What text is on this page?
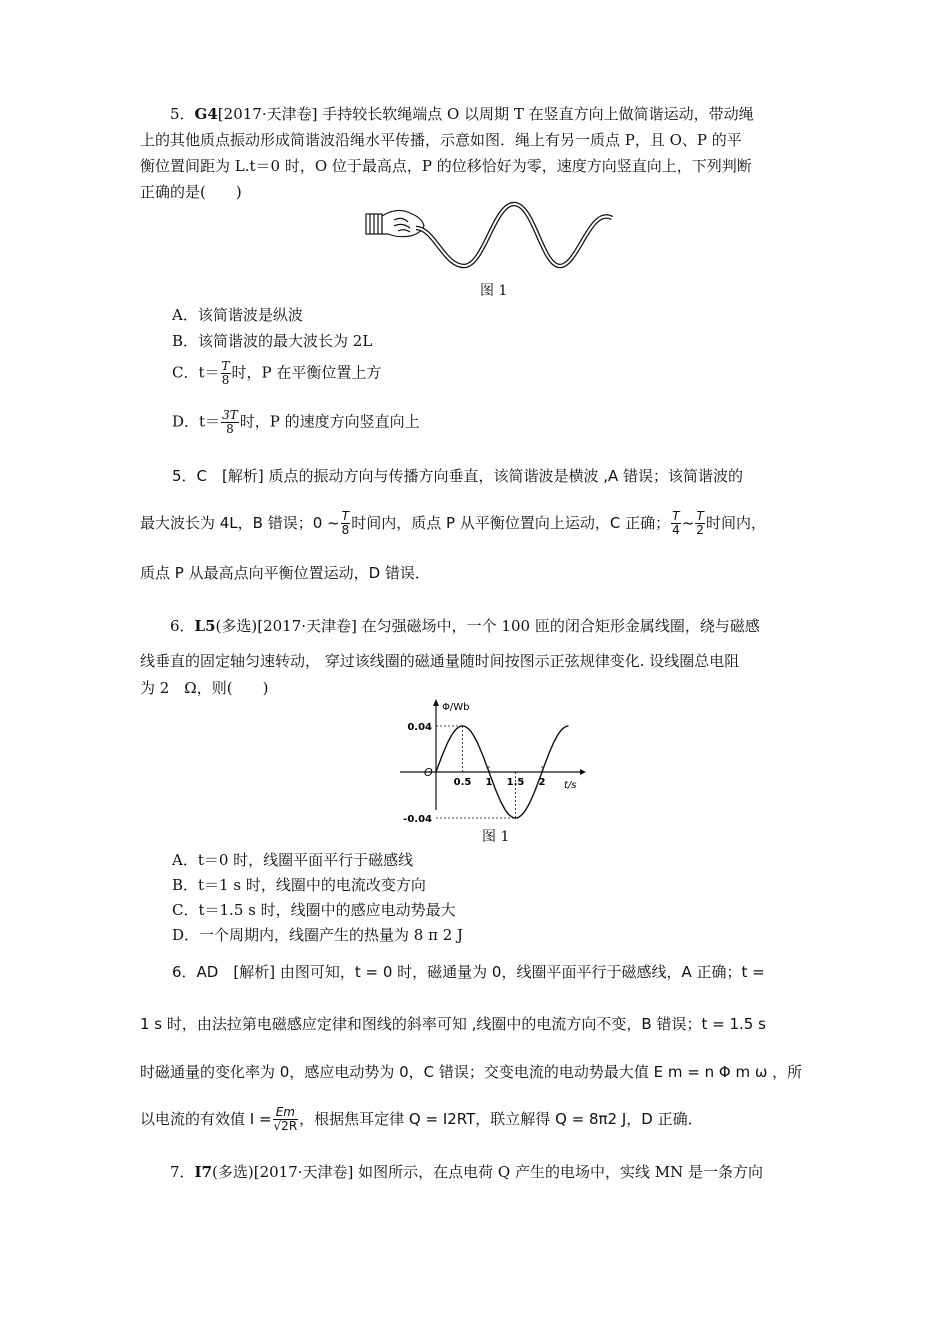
5．G4[2017·天津卷] 手持较长软绳端点 O 以周期 T 在竖直方向上做简谐运动，带动绳
上的其他质点振动形成简谐波沿绳水平传播，示意如图．绳上有另一质点 P，且 O、P 的平
衡位置间距为 L.t＝0 时，O 位于最高点，P 的位移恰好为零，速度方向竖直向上，下列判断
正确的是(　　)
图 1
A．该简谐波是纵波
B．该简谐波的最大波长为 2L
C．$t= \frac{T}{8}$ 时，P 在平衡位置上方
D．$t= \frac{3T}{8}$ 时，P 的速度方向竖直向上
5．C　[解析] 质点的振动方向与传播方向垂直，该简谐波是横波 ,A 错误；该简谐波的
最大波长为 4L，B 错误；0 ~ $\frac{T}{8}$ 时间内，质点 P 从平衡位置向上运动，C 正确； $\frac{T}{4}$ ~ $\frac{T}{2}$ 时间内，
质点 P 从最高点向平衡位置运动，D 错误．
6．L5(多选)[2017·天津卷] 在匀强磁场中，一个 100 匝的闭合矩形金属线圈，绕与磁感
线垂直的固定轴匀速转动， 穿过该线圈的磁通量随时间按图示正弦规律变化. 设线圈总电阻
为 2　Ω，则(　　)
Φ/Wb
t/s
O
0.04
-0.04
0.5 1 1.5 2
图 1
A．t＝0 时，线圈平面平行于磁感线
B．t＝1 s 时，线圈中的电流改变方向
C．t＝1.5 s 时，线圈中的感应电动势最大
D．一个周期内，线圈产生的热量为 8 π 2 J
6．AD　[解析] 由图可知，t = 0 时，磁通量为 0，线圈平面平行于磁感线，A 正确；t =
1 s 时，由法拉第电磁感应定律和图线的斜率可知 ,线圈中的电流方向不变，B 错误；t = 1.5 s
时磁通量的变化率为 0，感应电动势为 0，C 错误；交变电流的电动势最大值 E m = n Φ m ω ，所
以电流的有效值 $I = \frac{Em}{√2R}$ ，根据焦耳定律 Q = I2RT，联立解得 Q = 8π2 J，D 正确．
7．I7(多选)[2017·天津卷] 如图所示，在点电荷 Q 产生的电场中，实线 MN 是一条方向
